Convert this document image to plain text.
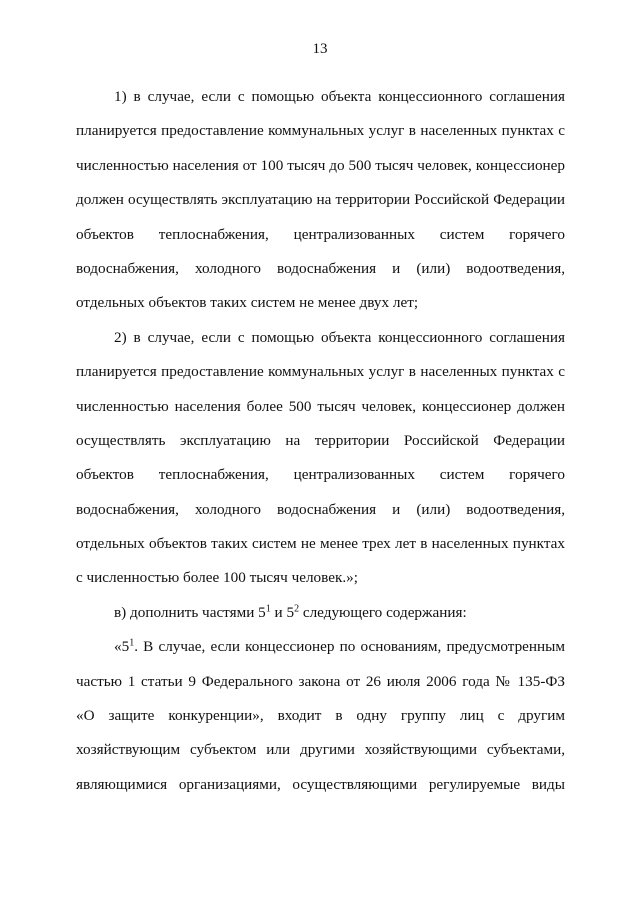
13
1) в случае, если с помощью объекта концессионного соглашения
планируется предоставление коммунальных услуг в населенных пунктах с
численностью населения от 100 тысяч до 500 тысяч человек, концессионер
должен осуществлять эксплуатацию на территории Российской Федерации
объектов теплоснабжения, централизованных систем горячего
водоснабжения, холодного водоснабжения и (или) водоотведения,
отдельных объектов таких систем не менее двух лет;
2) в случае, если с помощью объекта концессионного соглашения
планируется предоставление коммунальных услуг в населенных пунктах с
численностью населения более 500 тысяч человек, концессионер должен
осуществлять эксплуатацию на территории Российской Федерации
объектов теплоснабжения, централизованных систем горячего
водоснабжения, холодного водоснабжения и (или) водоотведения,
отдельных объектов таких систем не менее трех лет в населенных пунктах
с численностью более 100 тысяч человек.»;
в) дополнить частями $5^1$ и $5^2$ следующего содержания:
«$5^1$. В случае, если концессионер по основаниям, предусмотренным
частью 1 статьи 9 Федерального закона от 26 июля 2006 года № 135-ФЗ
«О защите конкуренции», входит в одну группу лиц с другим
хозяйствующим субъектом или другими хозяйствующими субъектами,
являющимися организациями, осуществляющими регулируемые виды
